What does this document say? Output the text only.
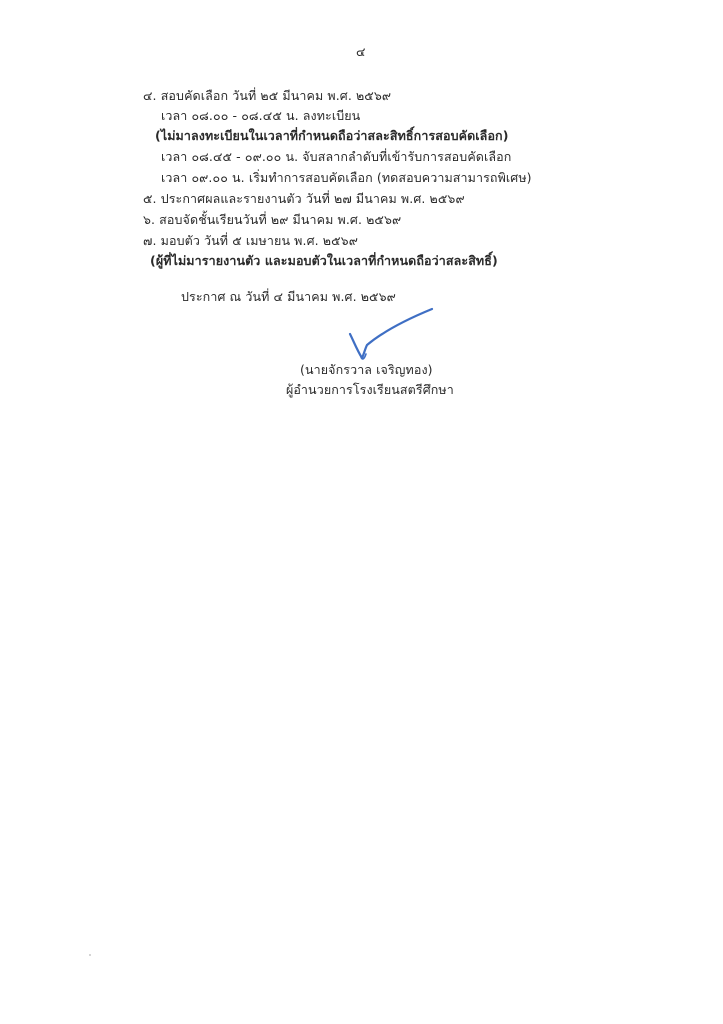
๔
๔. สอบคัดเลือก วันที่ ๒๕ มีนาคม พ.ศ. ๒๕๖๙
เวลา ๐๘.๐๐ - ๐๘.๔๕ น. ลงทะเบียน
(ไม่มาลงทะเบียนในเวลาที่กำหนดถือว่าสละสิทธิ์การสอบคัดเลือก)
เวลา ๐๘.๔๕ - ๐๙.๐๐ น. จับสลากลำดับที่เข้ารับการสอบคัดเลือก
เวลา ๐๙.๐๐ น. เริ่มทำการสอบคัดเลือก (ทดสอบความสามารถพิเศษ)
๕. ประกาศผลและรายงานตัว วันที่ ๒๗ มีนาคม พ.ศ. ๒๕๖๙
๖. สอบจัดชั้นเรียนวันที่ ๒๙ มีนาคม พ.ศ. ๒๕๖๙
๗. มอบตัว วันที่ ๕ เมษายน พ.ศ. ๒๕๖๙
(ผู้ที่ไม่มารายงานตัว และมอบตัวในเวลาที่กำหนดถือว่าสละสิทธิ์)
ประกาศ ณ วันที่ ๔ มีนาคม พ.ศ. ๒๕๖๙
(นายจักรวาล เจริญทอง)
ผู้อำนวยการโรงเรียนสตรีศึกษา
